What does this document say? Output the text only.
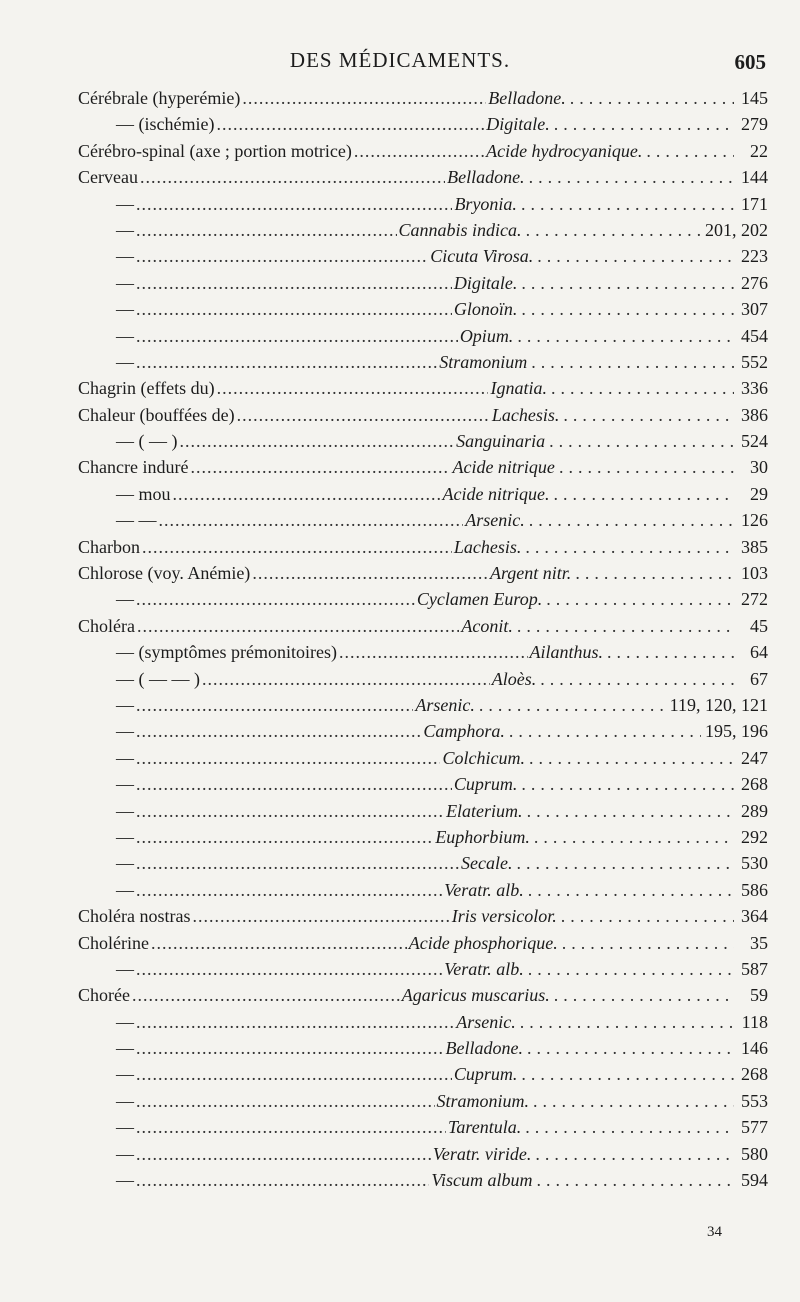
DES MÉDICAMENTS.	605
Cérébrale (hyperémie) .....	Belladone. .....	145
— (ischémie) .....	Digitale. .....	279
Cérébro-spinal (axe ; portion motrice) .....	Acide hydrocyanique. .....	22
Cerveau .....	Belladone. .....	144
— .....	Bryonia. .....	171
— .....	Cannabis indica. .....	201, 202
— .....	Cicuta Virosa. .....	223
— .....	Digitale. .....	276
— .....	Glonoïn. .....	307
— .....	Opium. .....	454
— .....	Stramonium .....	552
Chagrin (effets du) .....	Ignatia. .....	336
Chaleur (bouffées de) .....	Lachesis. .....	386
— ( — ) .....	Sanguinaria .....	524
Chancre induré .....	Acide nitrique .....	30
— mou .....	Acide nitrique. .....	29
— — .....	Arsenic. .....	126
Charbon .....	Lachesis. .....	385
Chlorose (voy. Anémie) .....	Argent nitr. .....	103
— .....	Cyclamen Europ. .....	272
Choléra .....	Aconit. .....	45
— (symptômes prémonitoires) .....	Ailanthus. .....	64
— ( — — ) .....	Aloès. .....	67
— .....	Arsenic. .....	119, 120, 121
— .....	Camphora. .....	195, 196
— .....	Colchicum. .....	247
— .....	Cuprum. .....	268
— .....	Elaterium. .....	289
— .....	Euphorbium. .....	292
— .....	Secale. .....	530
— .....	Veratr. alb. .....	586
Choléra nostras .....	Iris versicolor. .....	364
Cholérine .....	Acide phosphorique. .....	35
— .....	Veratr. alb. .....	587
Chorée .....	Agaricus muscarius. .....	59
— .....	Arsenic. .....	118
— .....	Belladone. .....	146
— .....	Cuprum. .....	268
— .....	Stramonium. .....	553
— .....	Tarentula. .....	577
— .....	Veratr. viride. .....	580
— .....	Viscum album .....	594
34
